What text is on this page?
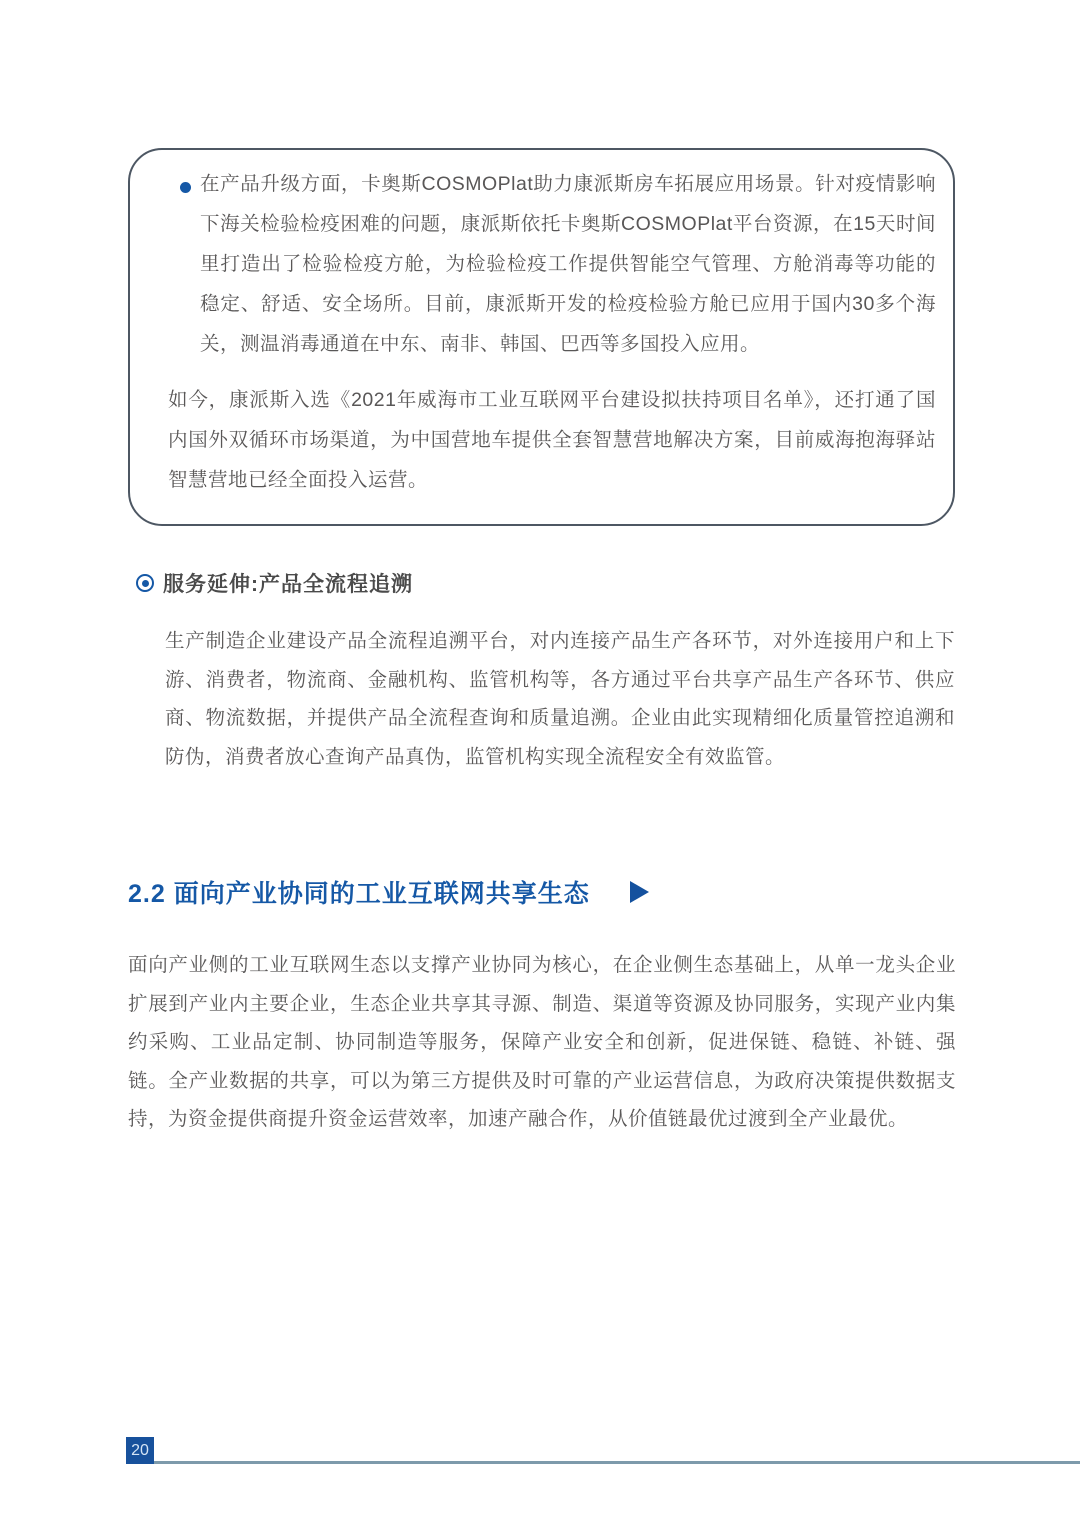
在产品升级方面，卡奥斯COSMOPlat助力康派斯房车拓展应用场景。针对疫情影响下海关检验检疫困难的问题，康派斯依托卡奥斯COSMOPlat平台资源，在15天时间里打造出了检验检疫方舱，为检验检疫工作提供智能空气管理、方舱消毒等功能的稳定、舒适、安全场所。目前，康派斯开发的检疫检验方舱已应用于国内30多个海关，测温消毒通道在中东、南非、韩国、巴西等多国投入应用。

如今，康派斯入选《2021年威海市工业互联网平台建设拟扶持项目名单》，还打通了国内国外双循环市场渠道，为中国营地车提供全套智慧营地解决方案，目前威海抱海驿站智慧营地已经全面投入运营。

服务延伸:产品全流程追溯

生产制造企业建设产品全流程追溯平台，对内连接产品生产各环节，对外连接用户和上下游、消费者，物流商、金融机构、监管机构等，各方通过平台共享产品生产各环节、供应商、物流数据，并提供产品全流程查询和质量追溯。企业由此实现精细化质量管控追溯和防伪，消费者放心查询产品真伪，监管机构实现全流程安全有效监管。

2.2 面向产业协同的工业互联网共享生态

面向产业侧的工业互联网生态以支撑产业协同为核心，在企业侧生态基础上，从单一龙头企业扩展到产业内主要企业，生态企业共享其寻源、制造、渠道等资源及协同服务，实现产业内集约采购、工业品定制、协同制造等服务，保障产业安全和创新，促进保链、稳链、补链、强链。全产业数据的共享，可以为第三方提供及时可靠的产业运营信息，为政府决策提供数据支持，为资金提供商提升资金运营效率，加速产融合作，从价值链最优过渡到全产业最优。

20
